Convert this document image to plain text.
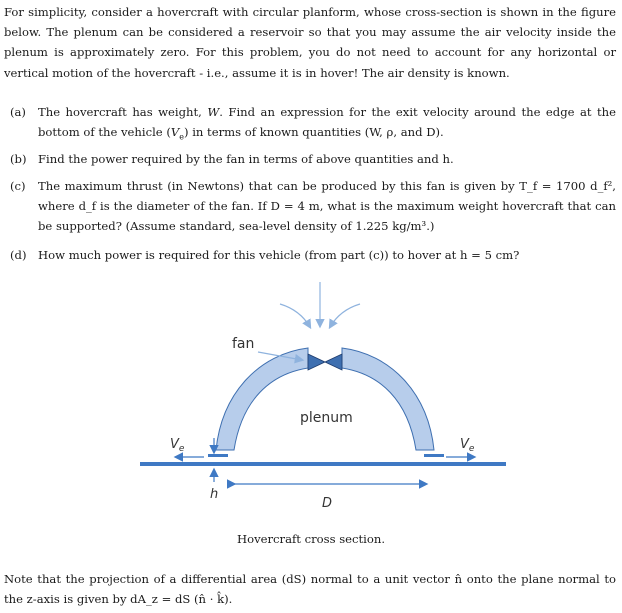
For simplicity, consider a hovercraft with circular planform, whose cross-section is shown in the figure below. The plenum can be considered a reservoir so that you may assume the air velocity inside the plenum is approximately zero. For this problem, you do not need to account for any horizontal or vertical motion of the hovercraft - i.e., assume it is in hover! The air density is known.
(a) The hovercraft has weight, W. Find an expression for the exit velocity around the edge at the bottom of the vehicle $(V_e)$ in terms of known quantities (W, ρ, and D).
(b) Find the power required by the fan in terms of above quantities and h.
(c) The maximum thrust (in Newtons) that can be produced by this fan is given by T_f = 1700 d_f², where d_f is the diameter of the fan. If D = 4 m, what is the maximum weight hovercraft that can be supported? (Assume standard, sea-level density of 1.225 kg/m³.)
(d) How much power is required for this vehicle (from part (c)) to hover at h = 5 cm?
fan
plenum
$V_e$	$V_e$
h
D
Hovercraft cross section.
Note that the projection of a differential area (dS) normal to a unit vector n̂ onto the plane normal to the z-axis is given by dA_z = dS (n̂ · k̂).
